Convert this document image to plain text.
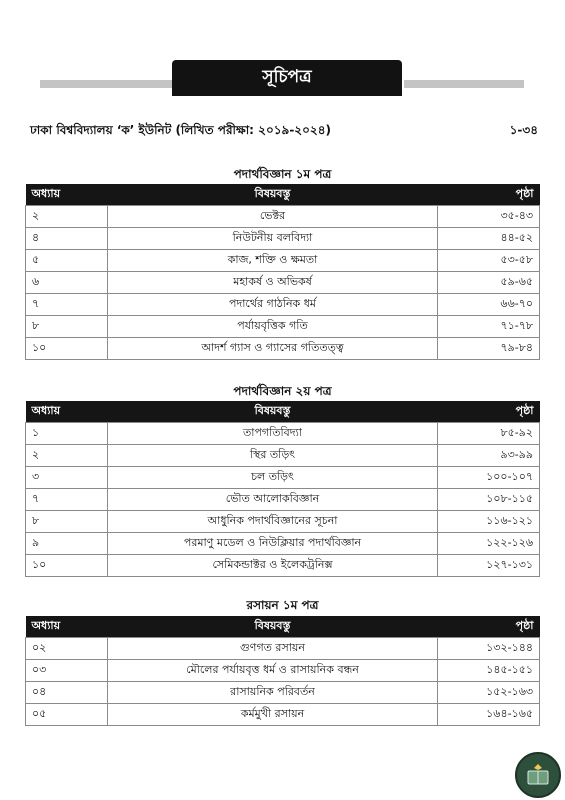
সূচিপত্র
ঢাকা বিশ্ববিদ্যালয় ‘ক’ ইউনিট (লিখিত পরীক্ষা: ২০১৯-২০২৪)	১-৩৪
পদার্থবিজ্ঞান ১ম পত্র
অধ্যায়	বিষয়বস্তু	পৃষ্ঠা
২	ভেক্টর	৩৫-৪৩
৪	নিউটনীয় বলবিদ্যা	৪৪-৫২
৫	কাজ, শক্তি ও ক্ষমতা	৫৩-৫৮
৬	মহাকর্ষ ও অভিকর্ষ	৫৯-৬৫
৭	পদার্থের গাঠনিক ধর্ম	৬৬-৭০
৮	পর্যায়বৃত্তিক গতি	৭১-৭৮
১০	আদর্শ গ্যাস ও গ্যাসের গতিতত্ত্ব	৭৯-৮৪
পদার্থবিজ্ঞান ২য় পত্র
অধ্যায়	বিষয়বস্তু	পৃষ্ঠা
১	তাপগতিবিদ্যা	৮৫-৯২
২	স্থির তড়িৎ	৯৩-৯৯
৩	চল তড়িৎ	১০০-১০৭
৭	ভৌত আলোকবিজ্ঞান	১০৮-১১৫
৮	আধুনিক পদার্থবিজ্ঞানের সূচনা	১১৬-১২১
৯	পরমাণু মডেল ও নিউক্লিয়ার পদার্থবিজ্ঞান	১২২-১২৬
১০	সেমিকন্ডাক্টর ও ইলেকট্রনিক্স	১২৭-১৩১
রসায়ন ১ম পত্র
অধ্যায়	বিষয়বস্তু	পৃষ্ঠা
০২	গুণগত রসায়ন	১৩২-১৪৪
০৩	মৌলের পর্যায়বৃত্ত ধর্ম ও রাসায়নিক বন্ধন	১৪৫-১৫১
০৪	রাসায়নিক পরিবর্তন	১৫২-১৬৩
০৫	কর্মমুখী রসায়ন	১৬৪-১৬৫
